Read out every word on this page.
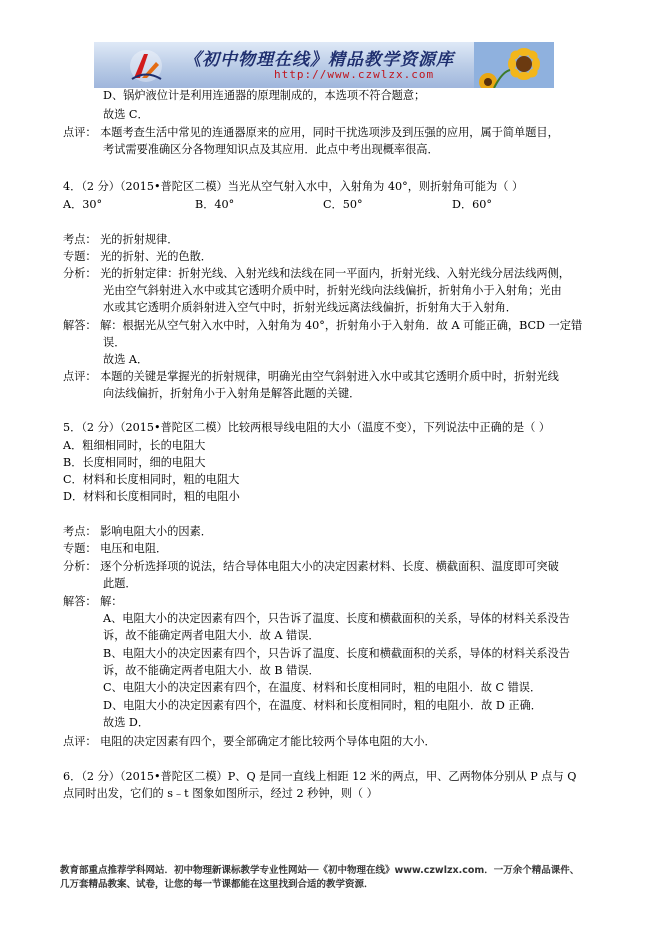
《初中物理在线》精品教学资源库
http://www.czwlzx.com
D、锅炉液位计是利用连通器的原理制成的，本选项不符合题意；
故选 C．
点评： 本题考查生活中常见的连通器原来的应用，同时干扰选项涉及到压强的应用，属于简单题目，
考试需要准确区分各物理知识点及其应用．此点中考出现概率很高．
4．（2 分）（2015•普陀区二模）当光从空气射入水中，入射角为 40°，则折射角可能为（ ）
A．30°	B．40°	C．50°	D．60°
考点： 光的折射规律．
专题： 光的折射、光的色散．
分析： 光的折射定律：折射光线、入射光线和法线在同一平面内，折射光线、入射光线分居法线两侧，
光由空气斜射进入水中或其它透明介质中时，折射光线向法线偏折，折射角小于入射角；光由
水或其它透明介质斜射进入空气中时，折射光线远离法线偏折，折射角大于入射角．
解答： 解：根据光从空气射入水中时，入射角为 40°，折射角小于入射角．故 A 可能正确，BCD 一定错
误．
故选 A．
点评： 本题的关键是掌握光的折射规律，明确光由空气斜射进入水中或其它透明介质中时，折射光线
向法线偏折，折射角小于入射角是解答此题的关键．
5．（2 分）（2015•普陀区二模）比较两根导线电阻的大小（温度不变），下列说法中正确的是（ ）
A．粗细相同时，长的电阻大
B．长度相同时，细的电阻大
C．材料和长度相同时，粗的电阻大
D．材料和长度相同时，粗的电阻小
考点： 影响电阻大小的因素．
专题： 电压和电阻．
分析： 逐个分析选择项的说法，结合导体电阻大小的决定因素材料、长度、横截面积、温度即可突破
此题．
解答： 解：
A、电阻大小的决定因素有四个，只告诉了温度、长度和横截面积的关系，导体的材料关系没告
诉，故不能确定两者电阻大小．故 A 错误．
B、电阻大小的决定因素有四个，只告诉了温度、长度和横截面积的关系，导体的材料关系没告
诉，故不能确定两者电阻大小．故 B 错误．
C、电阻大小的决定因素有四个，在温度、材料和长度相同时，粗的电阻小．故 C 错误．
D、电阻大小的决定因素有四个，在温度、材料和长度相同时，粗的电阻小．故 D 正确．
故选 D．
点评： 电阻的决定因素有四个，要全部确定才能比较两个导体电阻的大小．
6．（2 分）（2015•普陀区二模）P、Q 是同一直线上相距 12 米的两点，甲、乙两物体分别从 P 点与 Q
点同时出发，它们的 s﹣t 图象如图所示，经过 2 秒钟，则（ ）
教育部重点推荐学科网站．初中物理新课标教学专业性网站──《初中物理在线》www.czwlzx.com．一万余个精品课件、
几万套精品教案、试卷，让您的每一节课都能在这里找到合适的教学资源．
